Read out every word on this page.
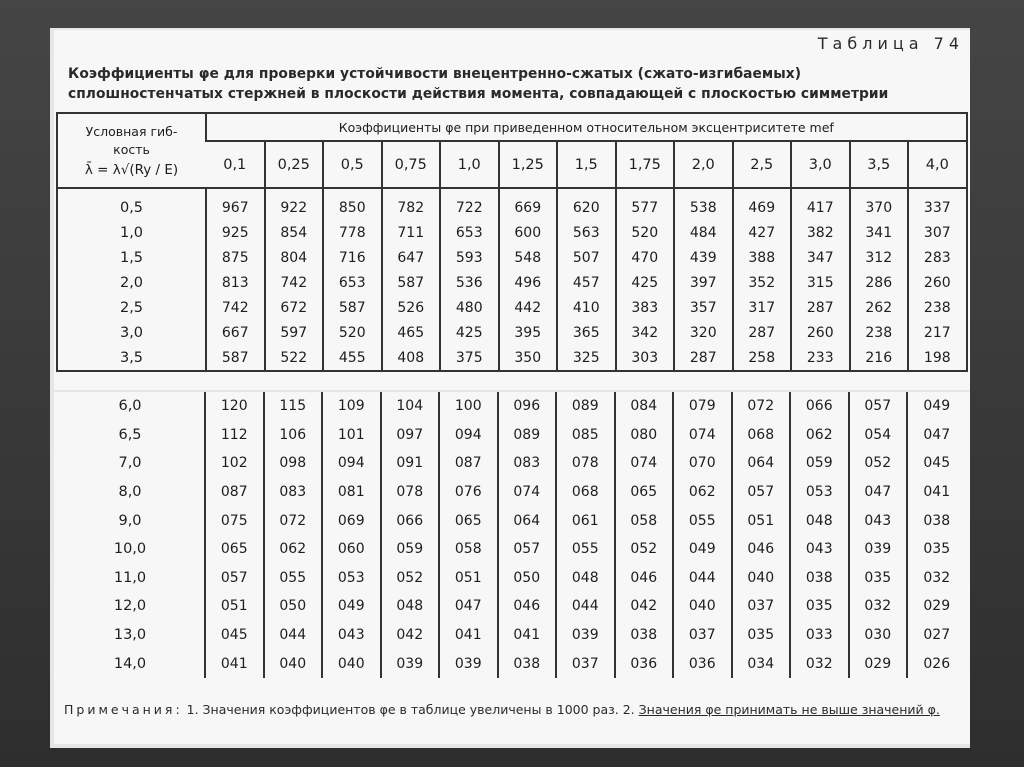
Таблица 74
Коэффициенты φe для проверки устойчивости внецентренно-сжатых (сжато-изгибаемых)
сплошностенчатых стержней в плоскости действия момента, совпадающей с плоскостью симметрии
Условная гиб-кость
λ̄ = λ√(Ry / E)	Коэффициенты φe при приведенном относительном эксцентриситете mef												
	0,1	0,25	0,5	0,75	1,0	1,25	1,5	1,75	2,0	2,5	3,0	3,5	4,0
0,5	967	922	850	782	722	669	620	577	538	469	417	370	337
1,0	925	854	778	711	653	600	563	520	484	427	382	341	307
1,5	875	804	716	647	593	548	507	470	439	388	347	312	283
2,0	813	742	653	587	536	496	457	425	397	352	315	286	260
2,5	742	672	587	526	480	442	410	383	357	317	287	262	238
3,0	667	597	520	465	425	395	365	342	320	287	260	238	217
3,5	587	522	455	408	375	350	325	303	287	258	233	216	198
6,0	120	115	109	104	100	096	089	084	079	072	066	057	049
6,5	112	106	101	097	094	089	085	080	074	068	062	054	047
7,0	102	098	094	091	087	083	078	074	070	064	059	052	045
8,0	087	083	081	078	076	074	068	065	062	057	053	047	041
9,0	075	072	069	066	065	064	061	058	055	051	048	043	038
10,0	065	062	060	059	058	057	055	052	049	046	043	039	035
11,0	057	055	053	052	051	050	048	046	044	040	038	035	032
12,0	051	050	049	048	047	046	044	042	040	037	035	032	029
13,0	045	044	043	042	041	041	039	038	037	035	033	030	027
14,0	041	040	040	039	039	038	037	036	036	034	032	029	026
Примечания: 1. Значения коэффициентов φe в таблице увеличены в 1000 раз. 2. Значения φe принимать не выше значений φ.
